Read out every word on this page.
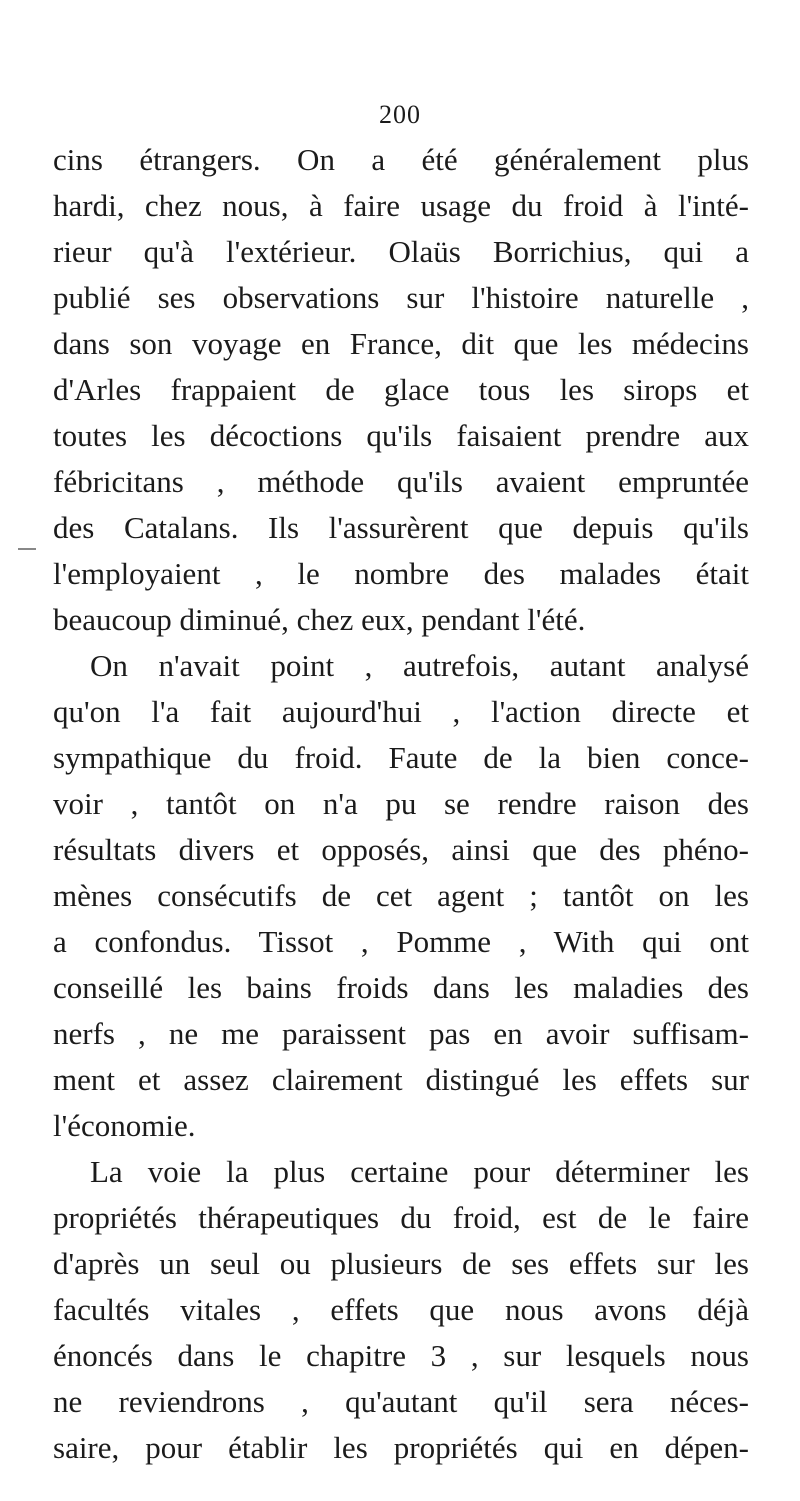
200
cins étrangers. On a été généralement plus
hardi, chez nous, à faire usage du froid à l'inté-
rieur qu'à l'extérieur. Olaüs Borrichius, qui a
publié ses observations sur l'histoire naturelle ,
dans son voyage en France, dit que les médecins
d'Arles frappaient de glace tous les sirops et
toutes les décoctions qu'ils faisaient prendre aux
fébricitans , méthode qu'ils avaient empruntée
des Catalans. Ils l'assurèrent que depuis qu'ils
l'employaient , le nombre des malades était
beaucoup diminué, chez eux, pendant l'été.
On n'avait point , autrefois, autant analysé
qu'on l'a fait aujourd'hui , l'action directe et
sympathique du froid. Faute de la bien conce-
voir , tantôt on n'a pu se rendre raison des
résultats divers et opposés, ainsi que des phéno-
mènes consécutifs de cet agent ; tantôt on les
a confondus. Tissot , Pomme , With qui ont
conseillé les bains froids dans les maladies des
nerfs , ne me paraissent pas en avoir suffisam-
ment et assez clairement distingué les effets sur
l'économie.
La voie la plus certaine pour déterminer les
propriétés thérapeutiques du froid, est de le faire
d'après un seul ou plusieurs de ses effets sur les
facultés vitales , effets que nous avons déjà
énoncés dans le chapitre 3 , sur lesquels nous
ne reviendrons , qu'autant qu'il sera néces-
saire, pour établir les propriétés qui en dépen-
